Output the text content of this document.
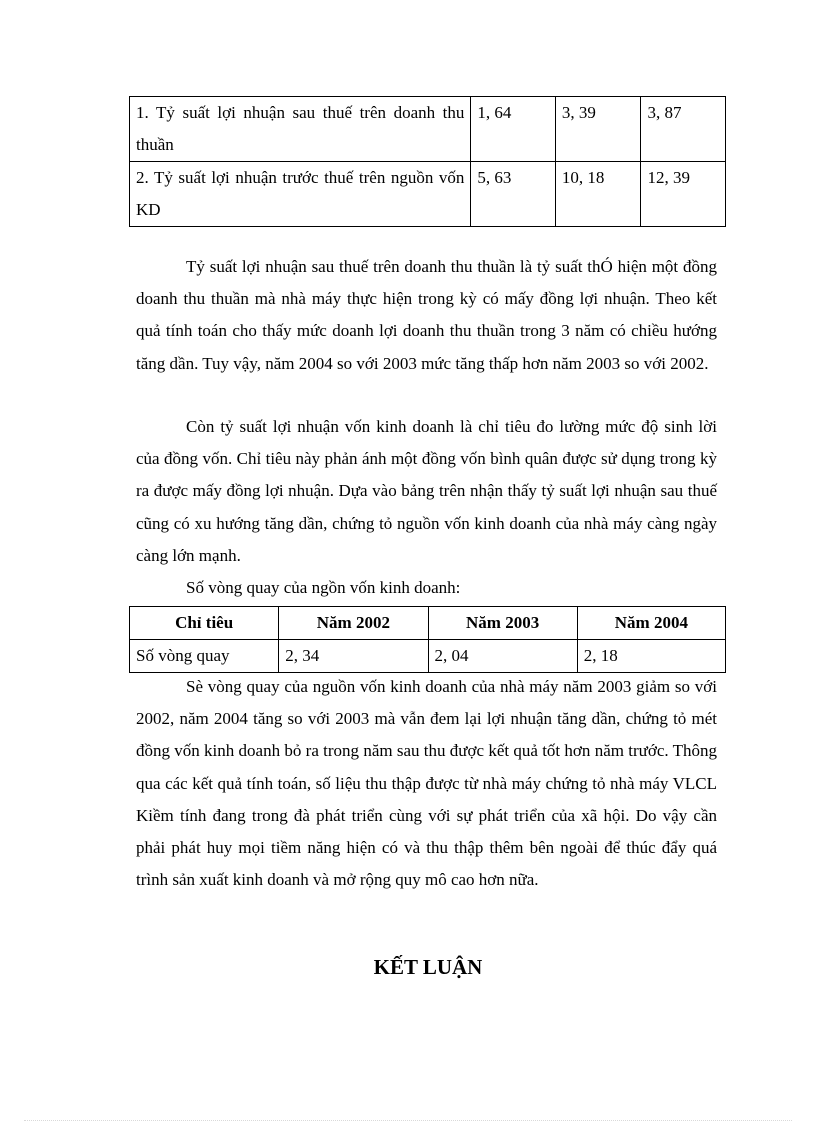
1. Tỷ suất lợi nhuận sau thuế trên doanh thu thuần	1, 64	3, 39	3, 87
2. Tỷ suất lợi nhuận trước thuế trên nguồn vốn KD	5, 63	10, 18	12, 39

Tỷ suất lợi nhuận sau thuế trên doanh thu thuần là tỷ suất thÓ hiện một đồng doanh thu thuần mà nhà máy thực hiện trong kỳ có mấy đồng lợi nhuận. Theo kết quả tính toán cho thấy mức doanh lợi doanh thu thuần trong 3 năm có chiều hướng tăng dần. Tuy vậy, năm 2004 so với 2003 mức tăng thấp hơn năm 2003 so với 2002.

Còn tỷ suất lợi nhuận vốn kinh doanh là chỉ tiêu đo lường mức độ sinh lời của đồng vốn. Chỉ tiêu này phản ánh một đồng vốn bình quân được sử dụng trong kỳ ra được mấy đồng lợi nhuận. Dựa vào bảng trên nhận thấy tỷ suất lợi nhuận sau thuế cũng có xu hướng tăng dần, chứng tỏ nguồn vốn kinh doanh của nhà máy càng ngày càng lớn mạnh.

Số vòng quay của ngồn vốn kinh doanh:

Chỉ tiêu	Năm 2002	Năm 2003	Năm 2004
Số vòng quay	2, 34	2, 04	2, 18

Sè vòng quay của nguồn vốn kinh doanh của nhà máy năm 2003 giảm so với 2002, năm 2004 tăng so với 2003 mà vẫn đem lại lợi nhuận tăng dần, chứng tỏ mét đồng vốn kinh doanh bỏ ra trong năm sau thu được kết quả tốt hơn năm trước. Thông qua các kết quả tính toán, số liệu thu thập được từ nhà máy chứng tỏ nhà máy VLCL Kiềm tính đang trong đà phát triển cùng với sự phát triển của xã hội. Do vậy cần phải phát huy mọi tiềm năng hiện có và thu thập thêm bên ngoài để thúc đẩy quá trình sản xuất kinh doanh và mở rộng quy mô cao hơn nữa.

KẾT LUẬN
